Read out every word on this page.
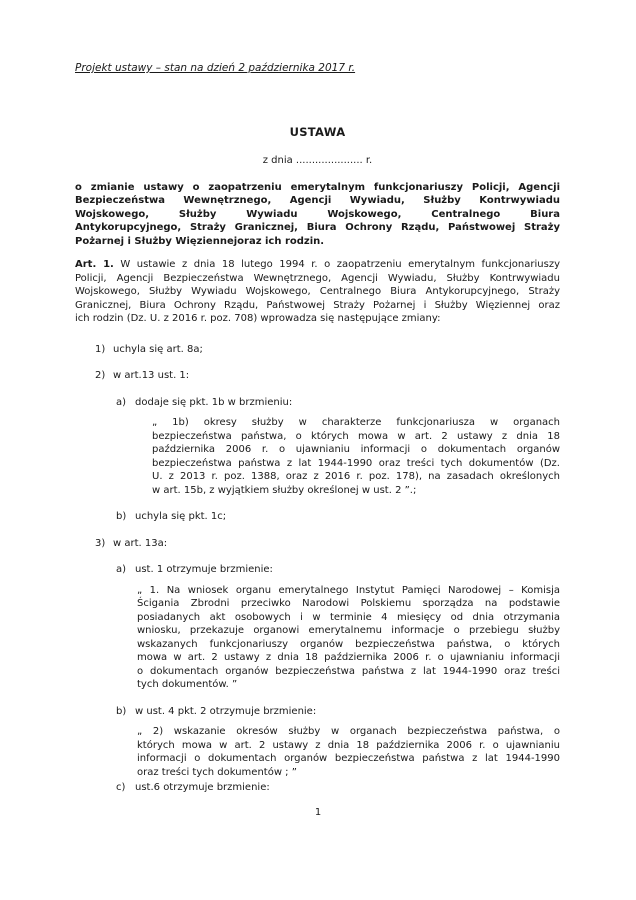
Projekt ustawy – stan na dzień 2 października 2017 r.
USTAWA
z dnia ..................... r.
o zmianie ustawy o zaopatrzeniu emerytalnym funkcjonariuszy Policji, Agencji
Bezpieczeństwa Wewnętrznego, Agencji Wywiadu, Służby Kontrwywiadu
Wojskowego, Służby Wywiadu Wojskowego, Centralnego Biura
Antykorupcyjnego, Straży Granicznej, Biura Ochrony Rządu, Państwowej Straży
Pożarnej i Służby Więziennejoraz ich rodzin.
Art. 1. W ustawie z dnia 18 lutego 1994 r. o zaopatrzeniu emerytalnym funkcjonariuszy
Policji, Agencji Bezpieczeństwa Wewnętrznego, Agencji Wywiadu, Służby Kontrwywiadu
Wojskowego, Służby Wywiadu Wojskowego, Centralnego Biura Antykorupcyjnego, Straży
Granicznej, Biura Ochrony Rządu, Państwowej Straży Pożarnej i Służby Więziennej oraz
ich rodzin (Dz. U. z 2016 r. poz. 708) wprowadza się następujące zmiany:
1) uchyla się art. 8a;
2) w art.13 ust. 1:
a) dodaje się pkt. 1b w brzmieniu:
„ 1b) okresy służby w charakterze funkcjonariusza w organach
bezpieczeństwa państwa, o których mowa w art. 2 ustawy z dnia 18
października 2006 r. o ujawnianiu informacji o dokumentach organów
bezpieczeństwa państwa z lat 1944-1990 oraz treści tych dokumentów (Dz.
U. z 2013 r. poz. 1388, oraz z 2016 r. poz. 178), na zasadach określonych
w art. 15b, z wyjątkiem służby określonej w ust. 2 ”.;
b) uchyla się pkt. 1c;
3) w art. 13a:
a) ust. 1 otrzymuje brzmienie:
„ 1. Na wniosek organu emerytalnego Instytut Pamięci Narodowej – Komisja
Ścigania Zbrodni przeciwko Narodowi Polskiemu sporządza na podstawie
posiadanych akt osobowych i w terminie 4 miesięcy od dnia otrzymania
wniosku, przekazuje organowi emerytalnemu informacje o przebiegu służby
wskazanych funkcjonariuszy organów bezpieczeństwa państwa, o których
mowa w art. 2 ustawy z dnia 18 października 2006 r. o ujawnianiu informacji
o dokumentach organów bezpieczeństwa państwa z lat 1944-1990 oraz treści
tych dokumentów. ”
b) w ust. 4 pkt. 2 otrzymuje brzmienie:
„ 2) wskazanie okresów służby w organach bezpieczeństwa państwa, o
których mowa w art. 2 ustawy z dnia 18 października 2006 r. o ujawnianiu
informacji o dokumentach organów bezpieczeństwa państwa z lat 1944-1990
oraz treści tych dokumentów ; ”
c) ust.6 otrzymuje brzmienie:
1
